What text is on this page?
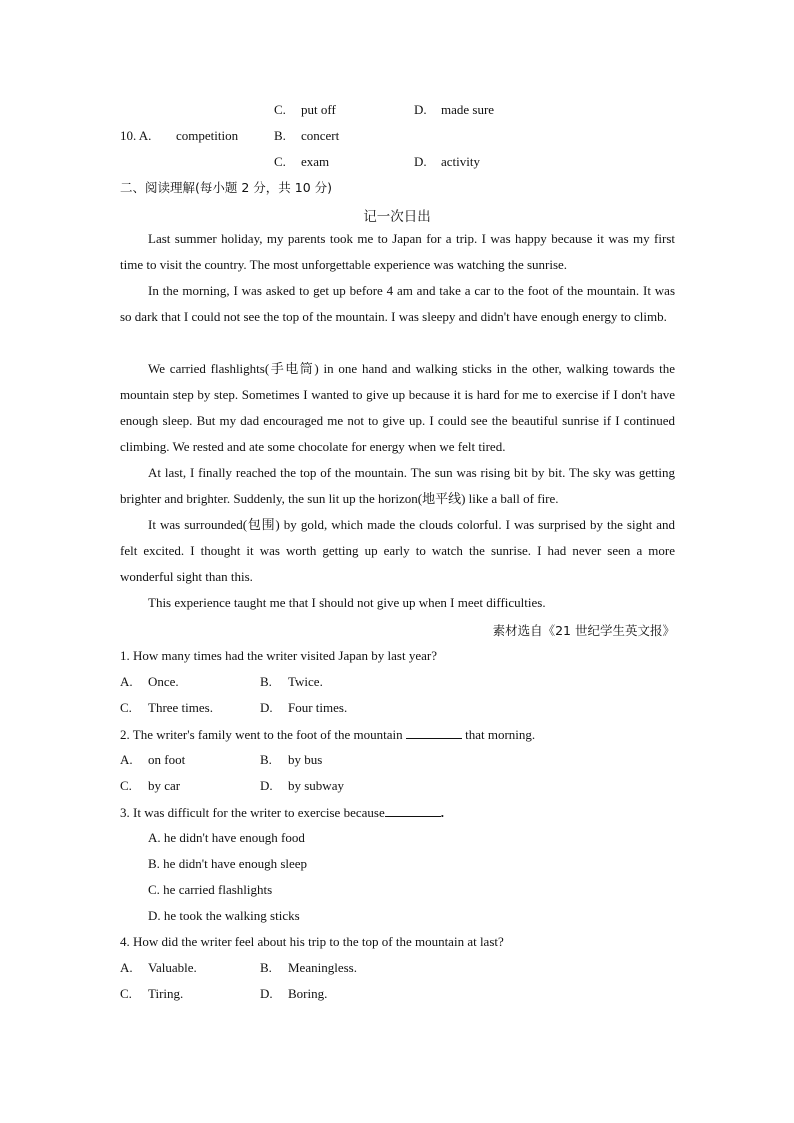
C. put off	D. made sure
10. A. competition	B. concert
C. exam	D. activity
二、阅读理解(每小题 2 分，共 10 分)
记一次日出
Last summer holiday, my parents took me to Japan for a trip. I was happy because it was my first time to visit the country. The most unforgettable experience was watching the sunrise.
In the morning, I was asked to get up before 4 am and take a car to the foot of the mountain. It was so dark that I could not see the top of the mountain. I was sleepy and didn't have enough energy to climb.
We carried flashlights(手电筒) in one hand and walking sticks in the other, walking towards the mountain step by step. Sometimes I wanted to give up because it is hard for me to exercise if I don't have enough sleep. But my dad encouraged me not to give up. I could see the beautiful sunrise if I continued climbing. We rested and ate some chocolate for energy when we felt tired.
At last, I finally reached the top of the mountain. The sun was rising bit by bit. The sky was getting brighter and brighter. Suddenly, the sun lit up the horizon(地平线) like a ball of fire.
It was surrounded(包围) by gold, which made the clouds colorful. I was surprised by the sight and felt excited. I thought it was worth getting up early to watch the sunrise. I had never seen a more wonderful sight than this.
This experience taught me that I should not give up when I meet difficulties.
素材选自《21 世纪学生英文报》
1. How many times had the writer visited Japan by last year?
A. Once.	B. Twice.
C. Three times.	D. Four times.
2. The writer's family went to the foot of the mountain	that morning.
A. on foot	B. by bus
C. by car	D. by subway
3. It was difficult for the writer to exercise because	.
A. he didn't have enough food
B. he didn't have enough sleep
C. he carried flashlights
D. he took the walking sticks
4. How did the writer feel about his trip to the top of the mountain at last?
A. Valuable.	B. Meaningless.
C. Tiring.	D. Boring.
